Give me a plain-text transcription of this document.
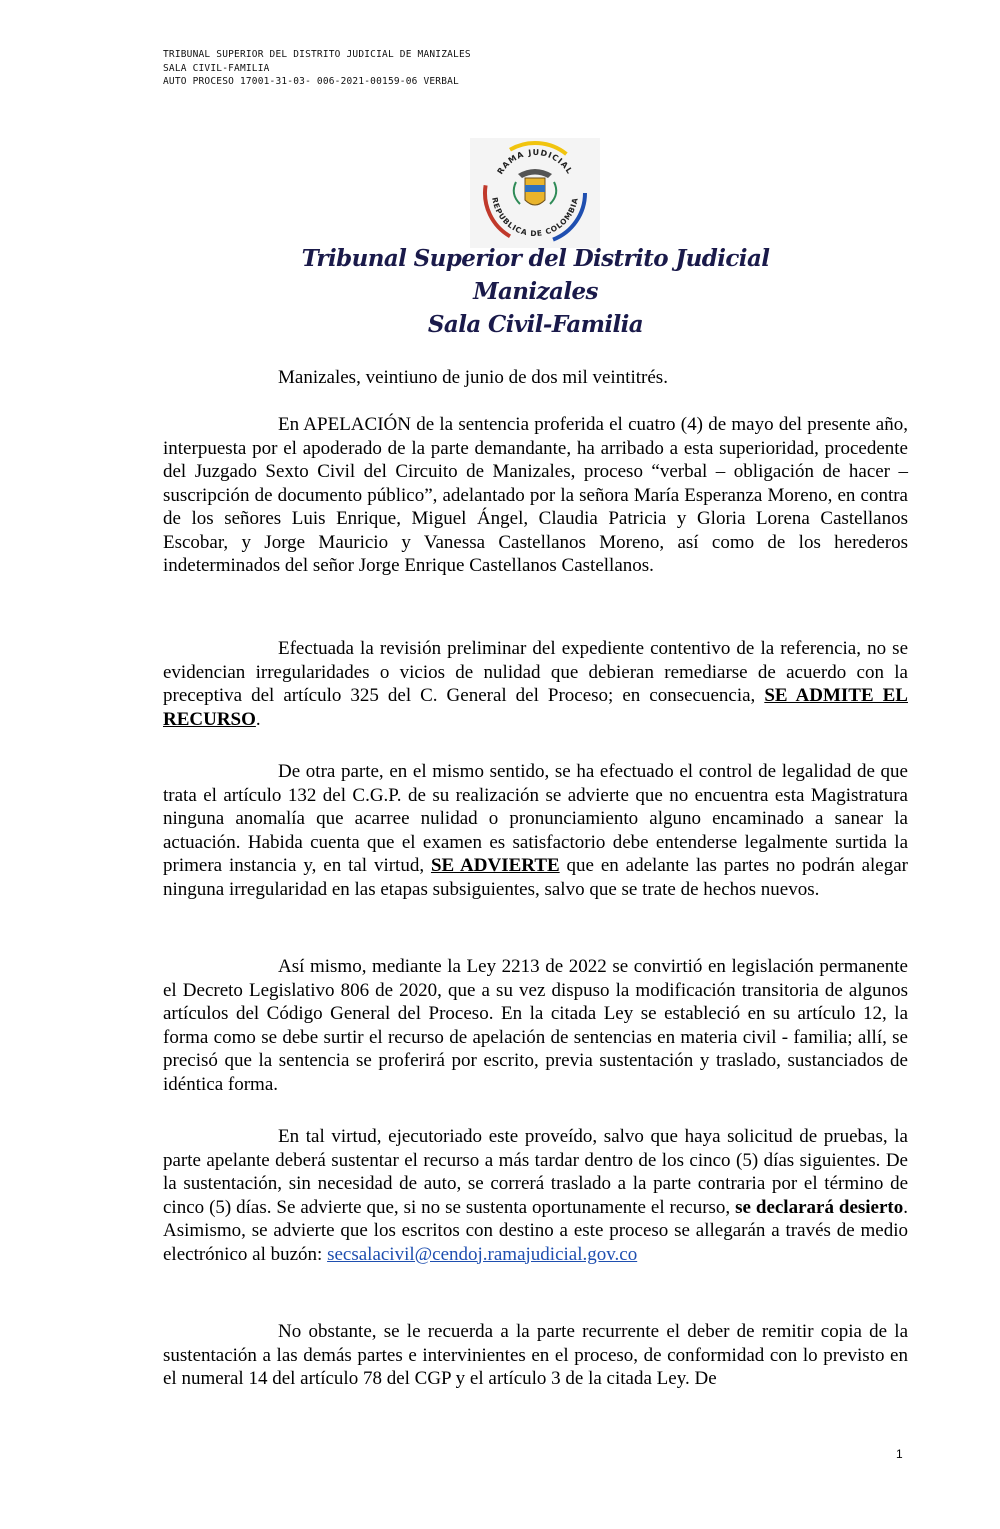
TRIBUNAL SUPERIOR DEL DISTRITO JUDICIAL DE MANIZALES
SALA CIVIL-FAMILIA
AUTO PROCESO 17001-31-03- 006-2021-00159-06 VERBAL
RAMA JUDICIAL
REPUBLICA DE COLOMBIA
Tribunal Superior del Distrito Judicial
Manizales
Sala Civil-Familia
Manizales, veintiuno de junio de dos mil veintitrés.
En APELACIÓN de la sentencia proferida el cuatro (4) de mayo del presente año, interpuesta por el apoderado de la parte demandante, ha arribado a esta superioridad, procedente del Juzgado Sexto Civil del Circuito de Manizales, proceso “verbal – obligación de hacer – suscripción de documento público”, adelantado por la señora María Esperanza Moreno, en contra de los señores Luis Enrique, Miguel Ángel, Claudia Patricia y Gloria Lorena Castellanos Escobar, y Jorge Mauricio y Vanessa Castellanos Moreno, así como de los herederos indeterminados del señor Jorge Enrique Castellanos Castellanos.
Efectuada la revisión preliminar del expediente contentivo de la referencia, no se evidencian irregularidades o vicios de nulidad que debieran remediarse de acuerdo con la preceptiva del artículo 325 del C. General del Proceso; en consecuencia, SE ADMITE EL RECURSO.
De otra parte, en el mismo sentido, se ha efectuado el control de legalidad de que trata el artículo 132 del C.G.P. de su realización se advierte que no encuentra esta Magistratura ninguna anomalía que acarree nulidad o pronunciamiento alguno encaminado a sanear la actuación. Habida cuenta que el examen es satisfactorio debe entenderse legalmente surtida la primera instancia y, en tal virtud, SE ADVIERTE que en adelante las partes no podrán alegar ninguna irregularidad en las etapas subsiguientes, salvo que se trate de hechos nuevos.
Así mismo, mediante la Ley 2213 de 2022 se convirtió en legislación permanente el Decreto Legislativo 806 de 2020, que a su vez dispuso la modificación transitoria de algunos artículos del Código General del Proceso. En la citada Ley se estableció en su artículo 12, la forma como se debe surtir el recurso de apelación de sentencias en materia civil - familia; allí, se precisó que la sentencia se proferirá por escrito, previa sustentación y traslado, sustanciados de idéntica forma.
En tal virtud, ejecutoriado este proveído, salvo que haya solicitud de pruebas, la parte apelante deberá sustentar el recurso a más tardar dentro de los cinco (5) días siguientes. De la sustentación, sin necesidad de auto, se correrá traslado a la parte contraria por el término de cinco (5) días. Se advierte que, si no se sustenta oportunamente el recurso, se declarará desierto. Asimismo, se advierte que los escritos con destino a este proceso se allegarán a través de medio electrónico al buzón: secsalacivil@cendoj.ramajudicial.gov.co
No obstante, se le recuerda a la parte recurrente el deber de remitir copia de la sustentación a las demás partes e intervinientes en el proceso, de conformidad con lo previsto en el numeral 14 del artículo 78 del CGP y el artículo 3 de la citada Ley. De
1
